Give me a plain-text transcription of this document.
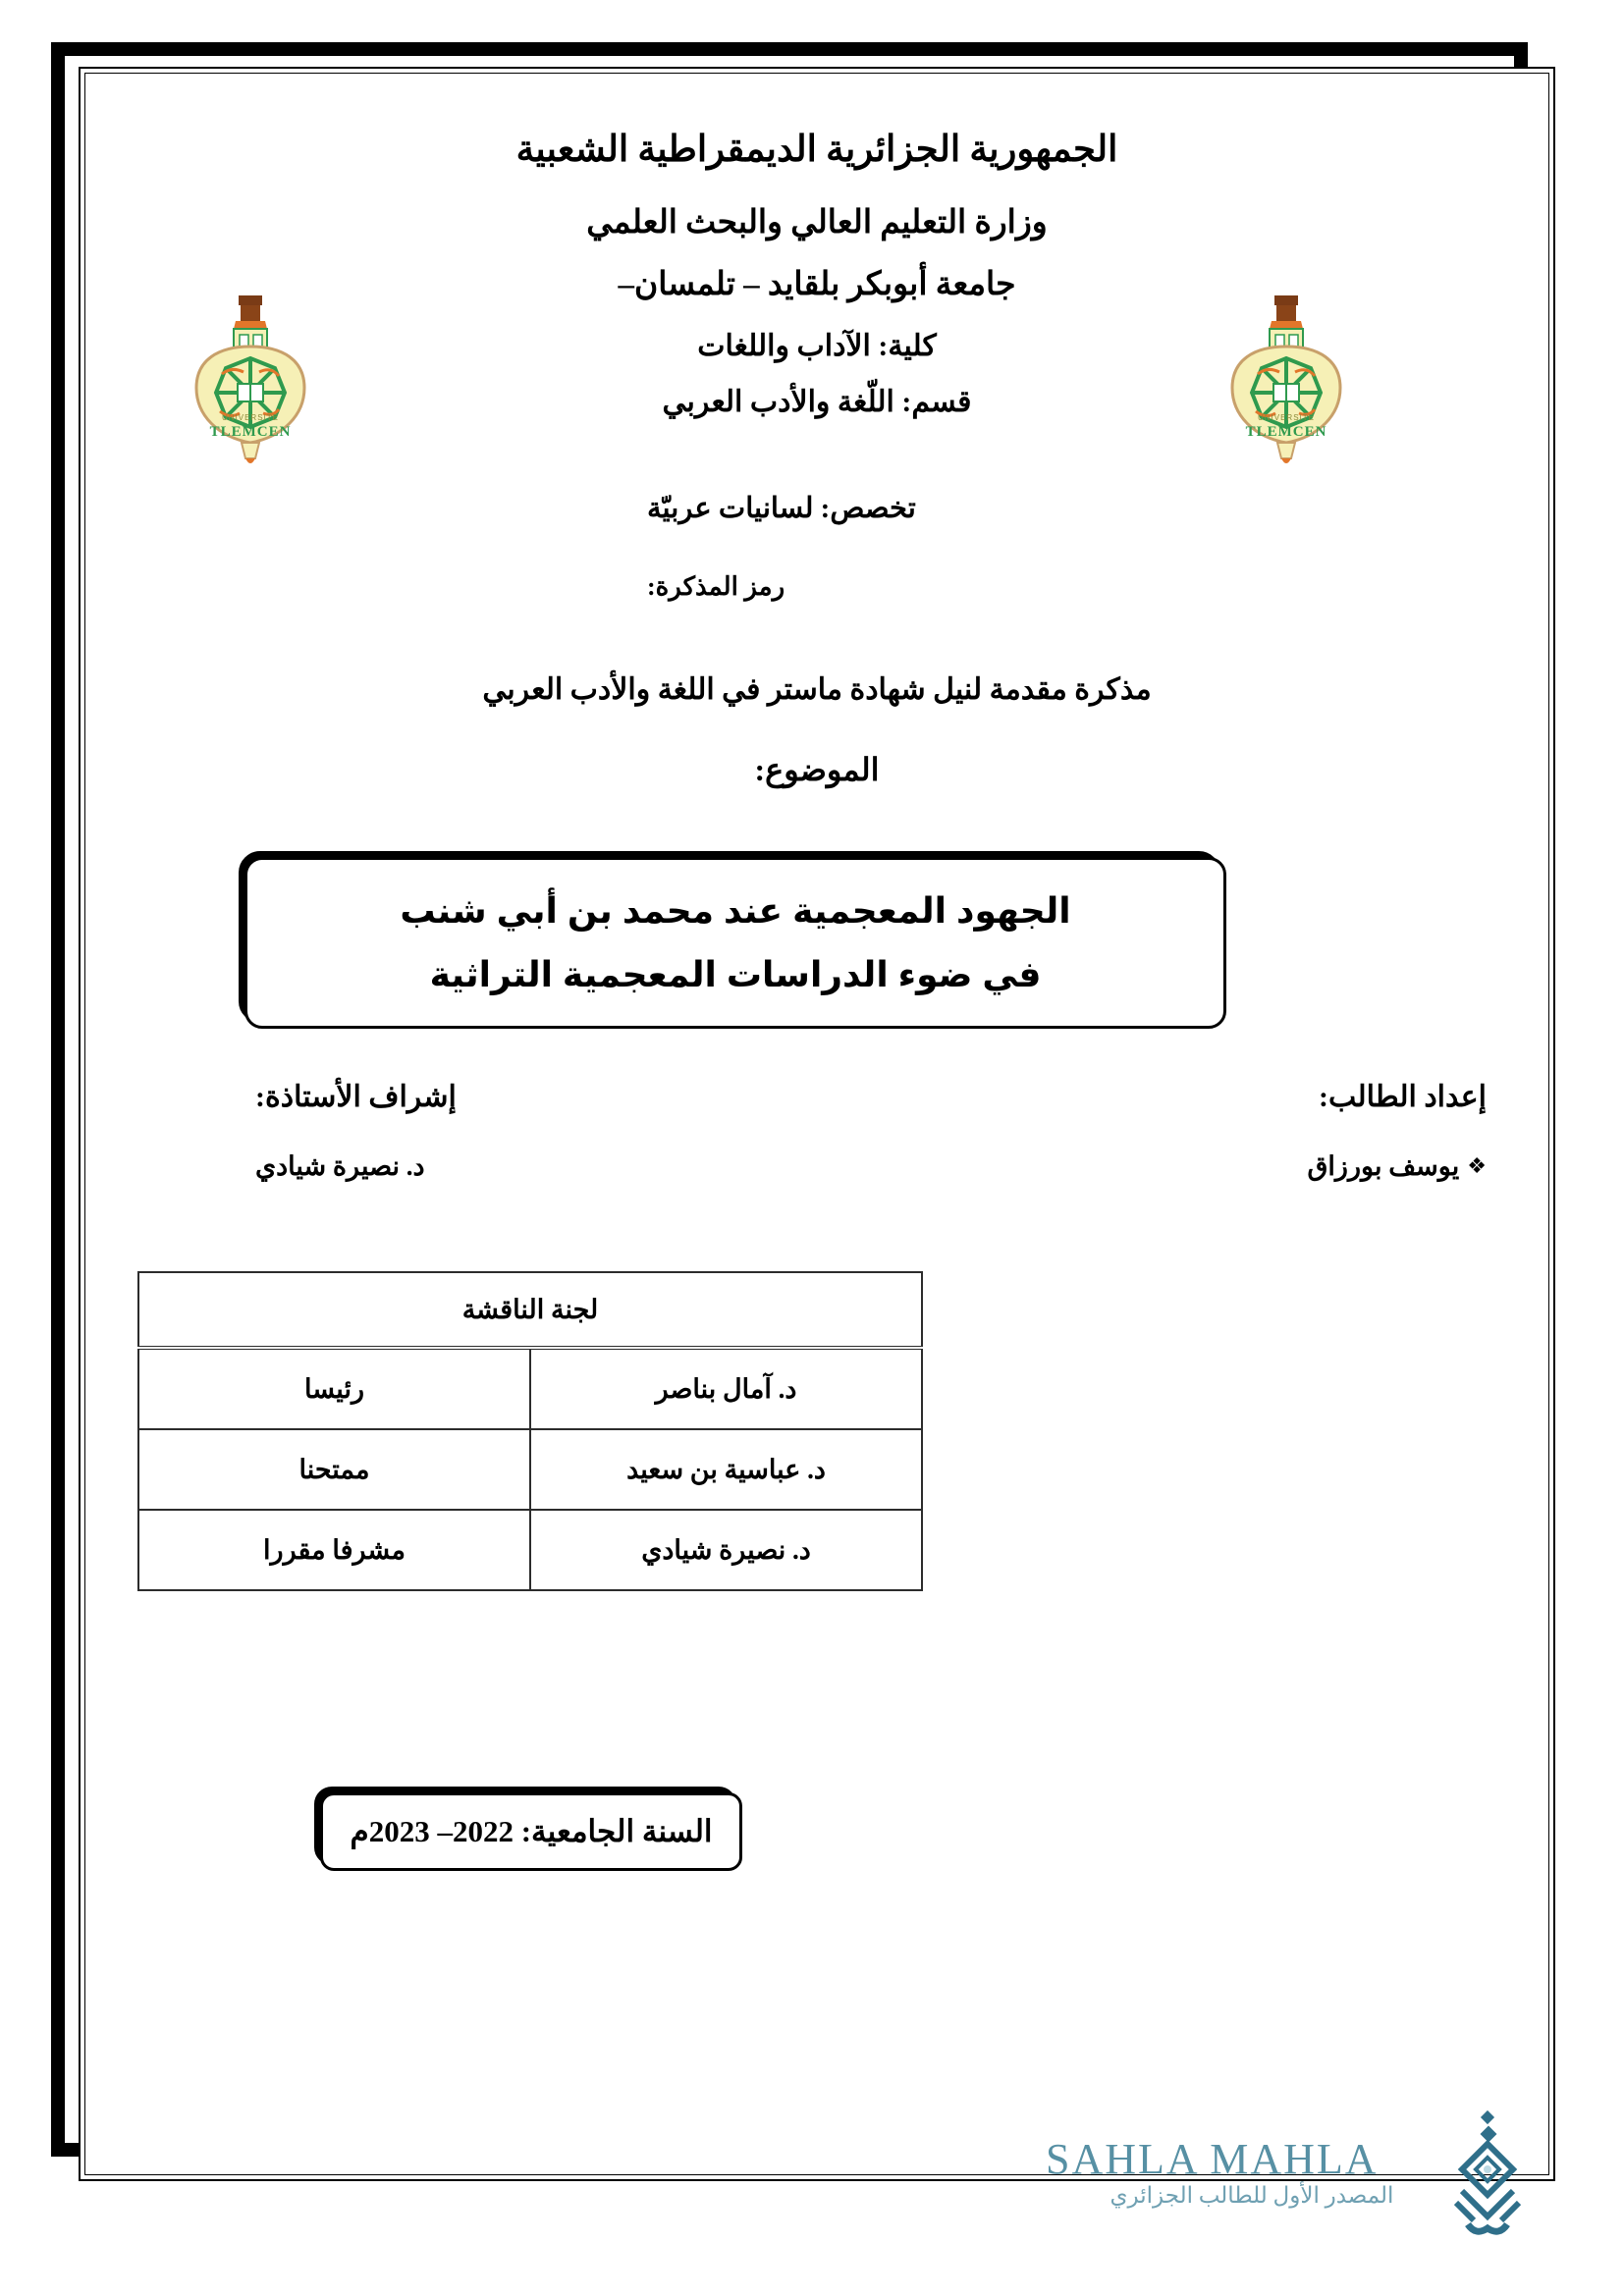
UNIVERSITE
TLEMCEN
UNIVERSITE
TLEMCEN
الجمهورية الجزائرية الديمقراطية الشعبية
وزارة التعليم العالي والبحث العلمي
جامعة أبوبكر بلقايد – تلمسان–
كلية: الآداب واللغات
قسم: اللّغة والأدب العربي
تخصص: لسانيات عربيّة
رمز المذكرة:
مذكرة مقدمة لنيل شهادة ماستر في اللغة والأدب العربي
الموضوع:
الجهود المعجمية عند محمد بن أبي شنب
في ضوء الدراسات المعجمية التراثية
إعداد الطالب:
❖يوسف بورزاق
إشراف الأستاذة:
د. نصيرة شيادي
لجنة الناقشة	
د. آمال بناصر	رئيسا
د. عباسية بن سعيد	ممتحنا
د. نصيرة شيادي	مشرفا مقررا
السنة الجامعية: 2022– 2023م
SAHLA MAHLA
المصدر الأول للطالب الجزائري
